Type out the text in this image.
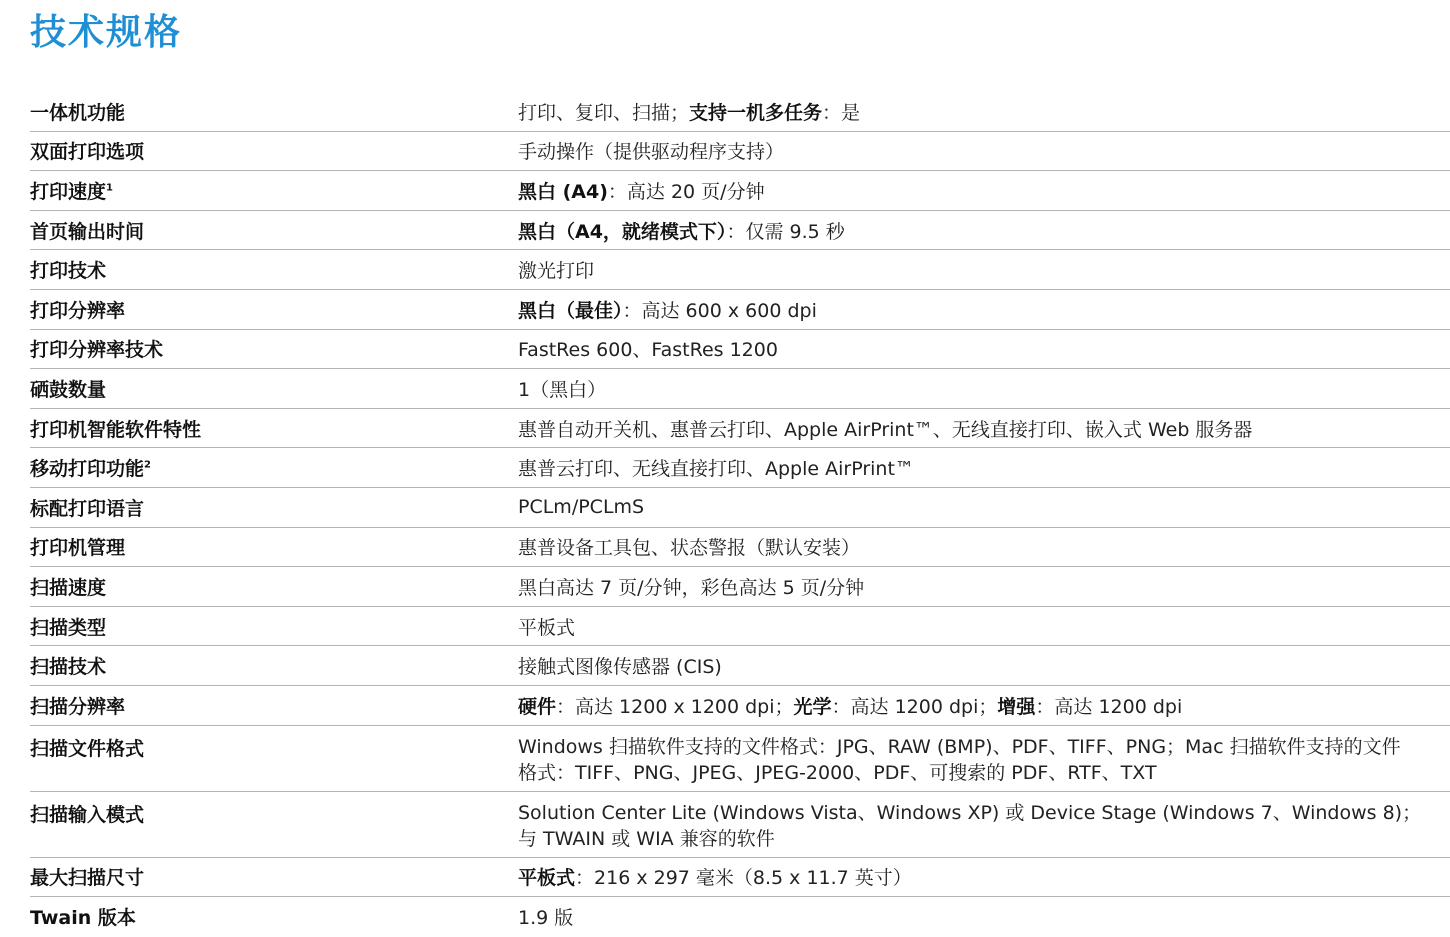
技术规格
一体机功能	打印、复印、扫描；支持一机多任务：是
双面打印选项	手动操作（提供驱动程序支持）
打印速度$^1$	黑白 (A4)：高达 20 页/分钟
首页输出时间	黑白（A4，就绪模式下）：仅需 9.5 秒
打印技术	激光打印
打印分辨率	黑白（最佳）：高达 600 x 600 dpi
打印分辨率技术	FastRes 600、FastRes 1200
硒鼓数量	1（黑白）
打印机智能软件特性	惠普自动开关机、惠普云打印、Apple AirPrint™、无线直接打印、嵌入式 Web 服务器
移动打印功能$^2$	惠普云打印、无线直接打印、Apple AirPrint™
标配打印语言	PCLm/PCLmS
打印机管理	惠普设备工具包、状态警报（默认安装）
扫描速度	黑白高达 7 页/分钟，彩色高达 5 页/分钟
扫描类型	平板式
扫描技术	接触式图像传感器 (CIS)
扫描分辨率	硬件：高达 1200 x 1200 dpi；光学：高达 1200 dpi；增强：高达 1200 dpi
扫描文件格式	Windows 扫描软件支持的文件格式：JPG、RAW (BMP)、PDF、TIFF、PNG；Mac 扫描软件支持的文件
格式：TIFF、PNG、JPEG、JPEG-2000、PDF、可搜索的 PDF、RTF、TXT
扫描输入模式	Solution Center Lite (Windows Vista、Windows XP) 或 Device Stage (Windows 7、Windows 8)；
与 TWAIN 或 WIA 兼容的软件
最大扫描尺寸	平板式：216 x 297 毫米（8.5 x 11.7 英寸）
Twain 版本	1.9 版
